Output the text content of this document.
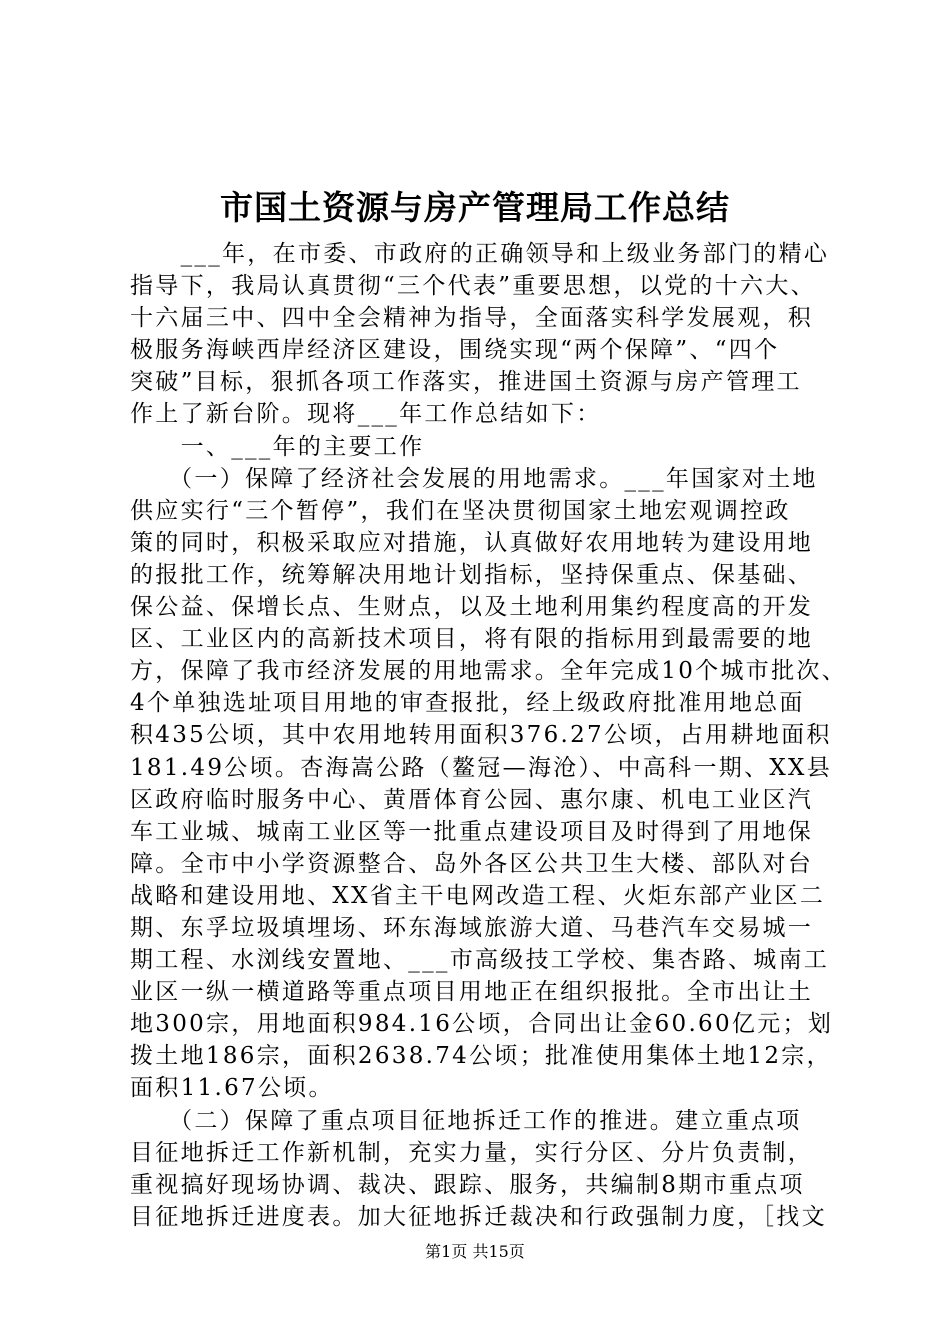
市国土资源与房产管理局工作总结
　　___年，在市委、市政府的正确领导和上级业务部门的精心
指导下，我局认真贯彻“三个代表”重要思想，以党的十六大、
十六届三中、四中全会精神为指导，全面落实科学发展观，积
极服务海峡西岸经济区建设，围绕实现“两个保障”、“四个
突破”目标，狠抓各项工作落实，推进国土资源与房产管理工
作上了新台阶。现将___年工作总结如下：
　　一、___年的主要工作
　　（一）保障了经济社会发展的用地需求。___年国家对土地
供应实行“三个暂停”，我们在坚决贯彻国家土地宏观调控政
策的同时，积极采取应对措施，认真做好农用地转为建设用地
的报批工作，统筹解决用地计划指标，坚持保重点、保基础、
保公益、保增长点、生财点，以及土地利用集约程度高的开发
区、工业区内的高新技术项目，将有限的指标用到最需要的地
方，保障了我市经济发展的用地需求。全年完成10个城市批次、
4个单独选址项目用地的审查报批，经上级政府批准用地总面
积435公顷，其中农用地转用面积376.27公顷，占用耕地面积
181.49公顷。杏海嵩公路（鳌冠—海沧）、中高科一期、XX县
区政府临时服务中心、黄厝体育公园、惠尔康、机电工业区汽
车工业城、城南工业区等一批重点建设项目及时得到了用地保
障。全市中小学资源整合、岛外各区公共卫生大楼、部队对台
战略和建设用地、XX省主干电网改造工程、火炬东部产业区二
期、东孚垃圾填埋场、环东海域旅游大道、马巷汽车交易城一
期工程、水浏线安置地、___市高级技工学校、集杏路、城南工
业区一纵一横道路等重点项目用地正在组织报批。全市出让土
地300宗，用地面积984.16公顷，合同出让金60.60亿元；划
拨土地186宗，面积2638.74公顷；批准使用集体土地12宗，
面积11.67公顷。
　　（二）保障了重点项目征地拆迁工作的推进。建立重点项
目征地拆迁工作新机制，充实力量，实行分区、分片负责制，
重视搞好现场协调、裁决、跟踪、服务，共编制8期市重点项
目征地拆迁进度表。加大征地拆迁裁决和行政强制力度，［找文
第1页 共15页
